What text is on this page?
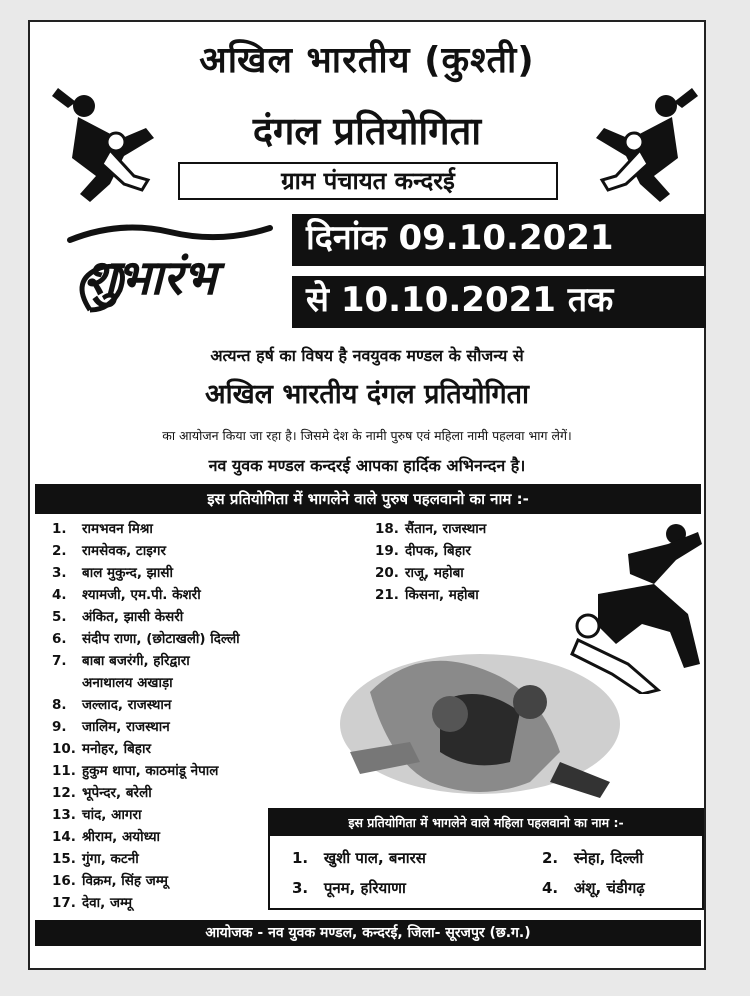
अखिल भारतीय (कुश्ती)
दंगल प्रतियोगिता
ग्राम पंचायत कन्दरई
शुभारंभ
दिनांक 09.10.2021
से 10.10.2021 तक
अत्यन्त हर्ष का विषय है नवयुवक मण्डल के सौजन्य से
अखिल भारतीय दंगल प्रतियोगिता
का आयोजन किया जा रहा है। जिसमे देश के नामी पुरुष एवं महिला नामी पहलवा भाग लेगें।
नव युवक मण्डल कन्दरई आपका हार्दिक अभिनन्दन है।
इस प्रतियोगिता में भागलेने वाले पुरुष पहलवानो का नाम :-
1. रामभवन मिश्रा
2. रामसेवक, टाइगर
3. बाल मुकुन्द, झासी
4. श्यामजी, एम.पी. केशरी
5. अंकित, झासी केसरी
6. संदीप राणा, (छोटाखली) दिल्ली
7. बाबा बजरंगी, हरिद्वारा
अनाथालय अखाड़ा
8. जल्लाद, राजस्थान
9. जालिम, राजस्थान
10. मनोहर, बिहार
11. हुकुम थापा, काठमांडू नेपाल
12. भूपेन्दर, बरेली
13. चांद, आगरा
14. श्रीराम, अयोध्या
15. गुंगा, कटनी
16. विक्रम, सिंह जम्मू
17. देवा, जम्मू
18. सैंतान, राजस्थान
19. दीपक, बिहार
20. राजू, महोबा
21. किसना, महोबा
इस प्रतियोगिता में भागलेने वाले महिला पहलवानो का नाम :-
1. खुशी पाल, बनारस	2. स्नेहा, दिल्ली
3. पूनम, हरियाणा	4. अंशू, चंडीगढ़
आयोजक - नव युवक मण्डल, कन्दरई, जिला- सूरजपुर (छ.ग.)
